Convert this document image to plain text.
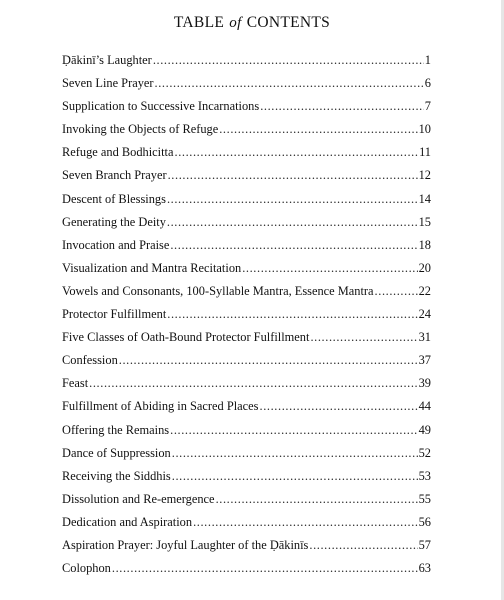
TABLE of CONTENTS
Ḍākinī’s Laughter .....	1
Seven Line Prayer .....	6
Supplication to Successive Incarnations .....	7
Invoking the Objects of Refuge .....	10
Refuge and Bodhicitta .....	11
Seven Branch Prayer .....	12
Descent of Blessings .....	14
Generating the Deity .....	15
Invocation and Praise .....	18
Visualization and Mantra Recitation .....	20
Vowels and Consonants, 100-Syllable Mantra, Essence Mantra .....	22
Protector Fulfillment .....	24
Five Classes of Oath-Bound Protector Fulfillment .....	31
Confession .....	37
Feast .....	39
Fulfillment of Abiding in Sacred Places .....	44
Offering the Remains .....	49
Dance of Suppression .....	52
Receiving the Siddhis .....	53
Dissolution and Re-emergence .....	55
Dedication and Aspiration .....	56
Aspiration Prayer: Joyful Laughter of the Ḍākinīs .....	57
Colophon .....	63
